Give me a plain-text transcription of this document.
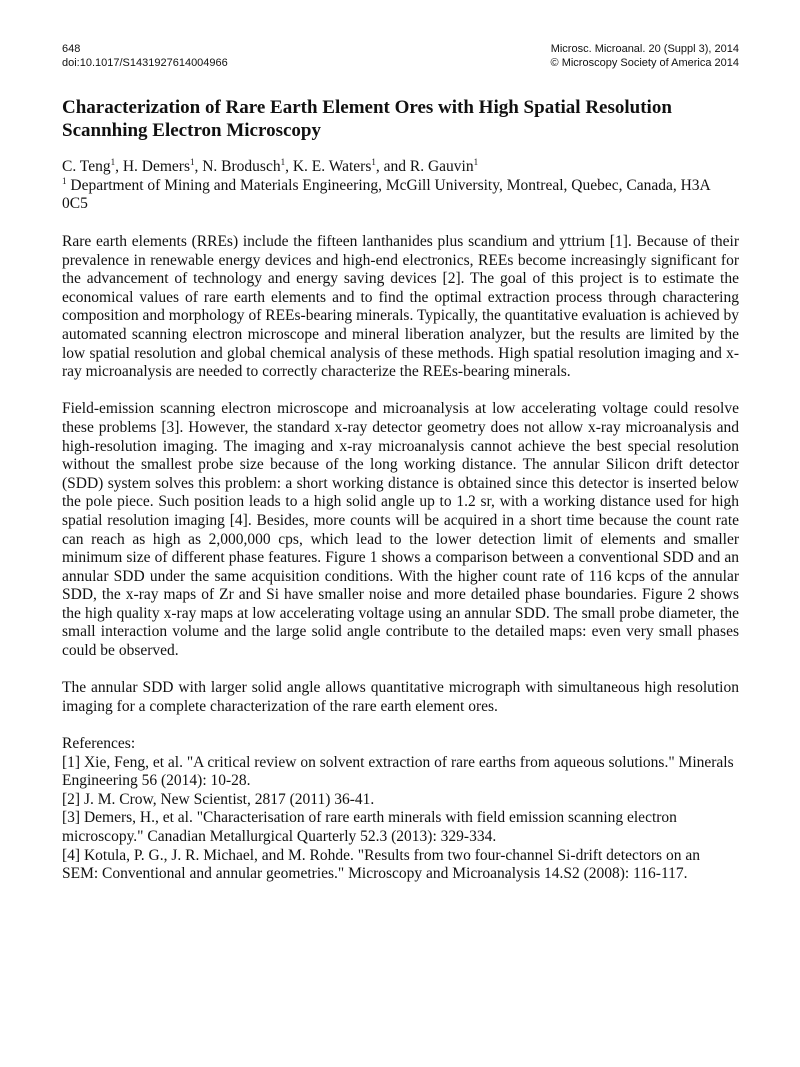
648
doi:10.1017/S1431927614004966
Microsc. Microanal. 20 (Suppl 3), 2014
© Microscopy Society of America 2014
Characterization of Rare Earth Element Ores with High Spatial Resolution Scannhing Electron Microscopy
C. Teng$^1$, H. Demers$^1$, N. Brodusch$^1$, K. E. Waters$^1$, and R. Gauvin$^1$
$^1$ Department of Mining and Materials Engineering, McGill University, Montreal, Quebec, Canada, H3A 0C5

Rare earth elements (RREs) include the fifteen lanthanides plus scandium and yttrium [1]. Because of their prevalence in renewable energy devices and high-end electronics, REEs become increasingly significant for the advancement of technology and energy saving devices [2]. The goal of this project is to estimate the economical values of rare earth elements and to find the optimal extraction process through charactering composition and morphology of REEs-bearing minerals. Typically, the quantitative evaluation is achieved by automated scanning electron microscope and mineral liberation analyzer, but the results are limited by the low spatial resolution and global chemical analysis of these methods. High spatial resolution imaging and x-ray microanalysis are needed to correctly characterize the REEs-bearing minerals.

Field-emission scanning electron microscope and microanalysis at low accelerating voltage could resolve these problems [3]. However, the standard x-ray detector geometry does not allow x-ray microanalysis and high-resolution imaging. The imaging and x-ray microanalysis cannot achieve the best special resolution without the smallest probe size because of the long working distance. The annular Silicon drift detector (SDD) system solves this problem: a short working distance is obtained since this detector is inserted below the pole piece. Such position leads to a high solid angle up to 1.2 sr, with a working distance used for high spatial resolution imaging [4]. Besides, more counts will be acquired in a short time because the count rate can reach as high as 2,000,000 cps, which lead to the lower detection limit of elements and smaller minimum size of different phase features. Figure 1 shows a comparison between a conventional SDD and an annular SDD under the same acquisition conditions. With the higher count rate of 116 kcps of the annular SDD, the x-ray maps of Zr and Si have smaller noise and more detailed phase boundaries. Figure 2 shows the high quality x-ray maps at low accelerating voltage using an annular SDD. The small probe diameter, the small interaction volume and the large solid angle contribute to the detailed maps: even very small phases could be observed.

The annular SDD with larger solid angle allows quantitative micrograph with simultaneous high resolution imaging for a complete characterization of the rare earth element ores.

References:
[1] Xie, Feng, et al. "A critical review on solvent extraction of rare earths from aqueous solutions." Minerals Engineering 56 (2014): 10-28.
[2] J. M. Crow, New Scientist, 2817 (2011) 36-41.
[3] Demers, H., et al. "Characterisation of rare earth minerals with field emission scanning electron microscopy." Canadian Metallurgical Quarterly 52.3 (2013): 329-334.
[4] Kotula, P. G., J. R. Michael, and M. Rohde. "Results from two four-channel Si-drift detectors on an SEM: Conventional and annular geometries." Microscopy and Microanalysis 14.S2 (2008): 116-117.
